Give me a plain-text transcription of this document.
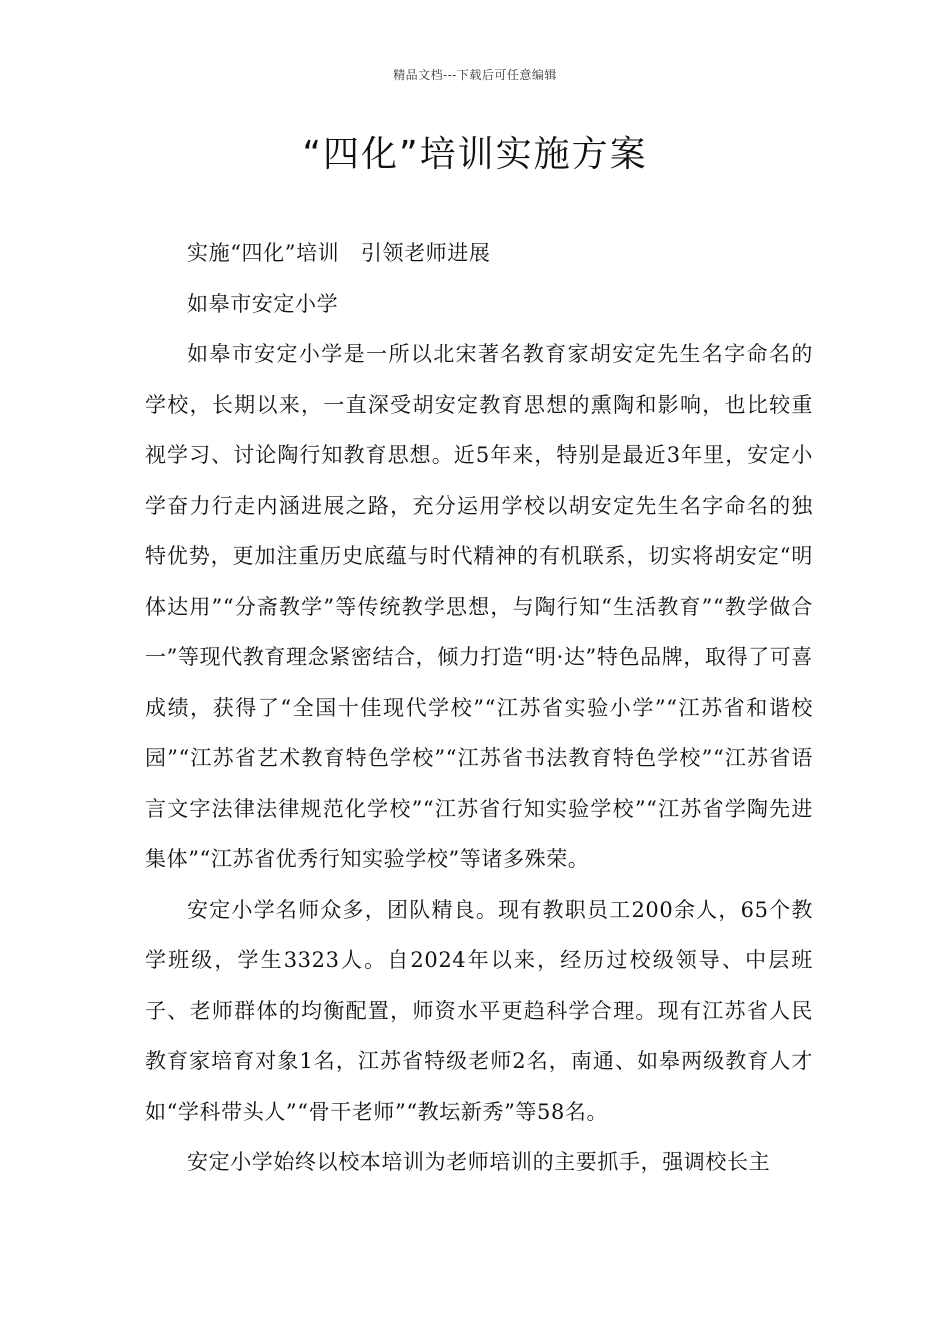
精品文档---下载后可任意编辑
“四化”培训实施方案

实施“四化”培训　引领老师进展

如皋市安定小学

如皋市安定小学是一所以北宋著名教育家胡安定先生名字命名的学校，长期以来，一直深受胡安定教育思想的熏陶和影响，也比较重视学习、讨论陶行知教育思想。近5年来，特别是最近3年里，安定小学奋力行走内涵进展之路，充分运用学校以胡安定先生名字命名的独特优势，更加注重历史底蕴与时代精神的有机联系，切实将胡安定“明体达用”“分斋教学”等传统教学思想，与陶行知“生活教育”“教学做合一”等现代教育理念紧密结合，倾力打造“明·达”特色品牌，取得了可喜成绩，获得了“全国十佳现代学校”“江苏省实验小学”“江苏省和谐校园”“江苏省艺术教育特色学校”“江苏省书法教育特色学校”“江苏省语言文字法律法律规范化学校”“江苏省行知实验学校”“江苏省学陶先进集体”“江苏省优秀行知实验学校”等诸多殊荣。

安定小学名师众多，团队精良。现有教职员工200余人，65个教学班级，学生3323人。自2024年以来，经历过校级领导、中层班子、老师群体的均衡配置，师资水平更趋科学合理。现有江苏省人民教育家培育对象1名，江苏省特级老师2名，南通、如皋两级教育人才如“学科带头人”“骨干老师”“教坛新秀”等58名。

安定小学始终以校本培训为老师培训的主要抓手，强调校长主
